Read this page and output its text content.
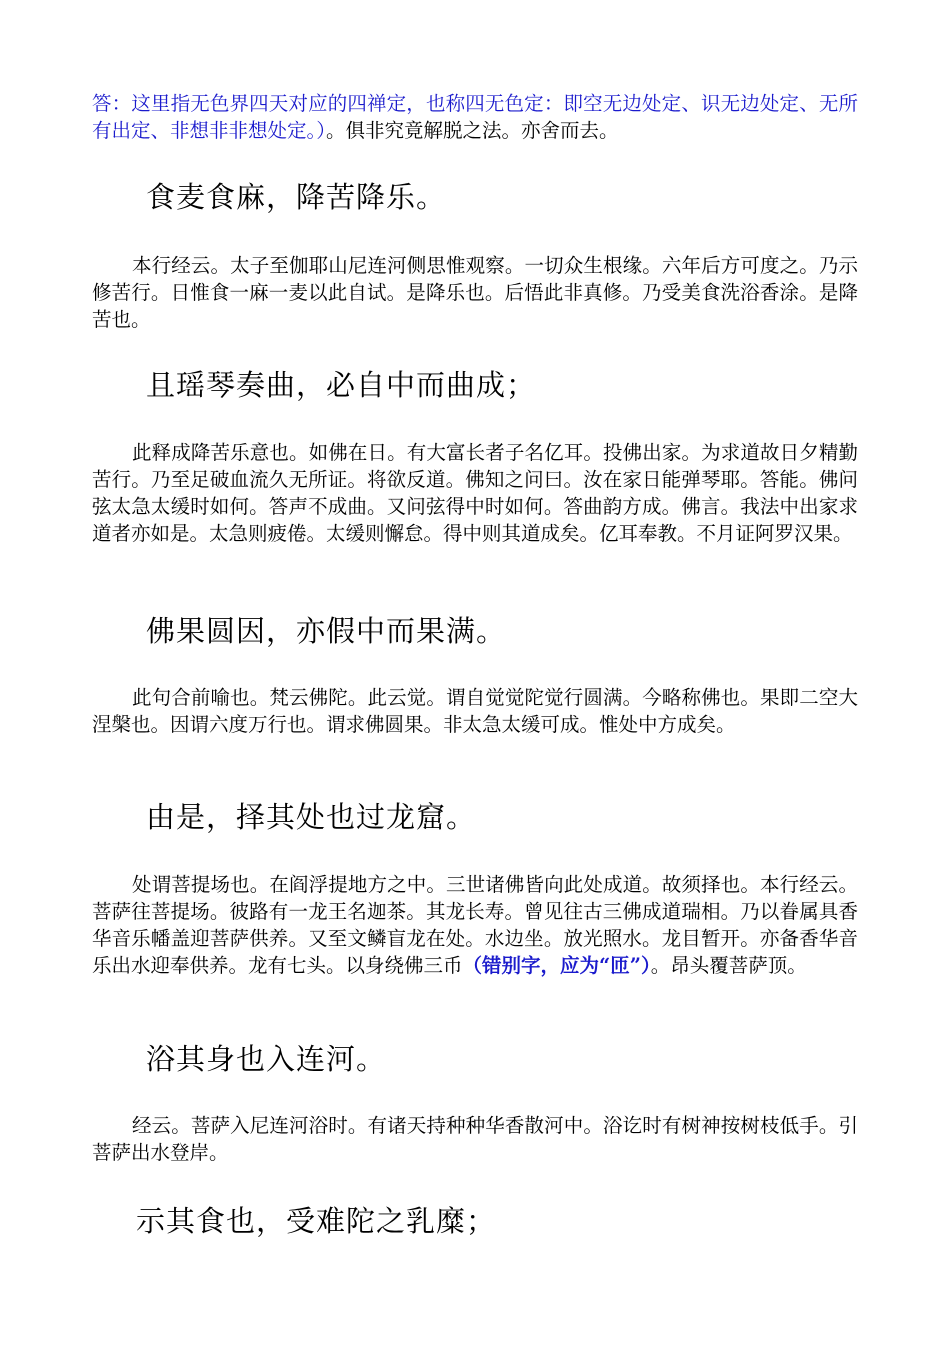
答：这里指无色界四天对应的四禅定，也称四无色定：即空无边处定、识无边处定、无所有出定、非想非非想处定。）。俱非究竟解脱之法。亦舍而去。

食麦食麻，降苦降乐。

本行经云。太子至伽耶山尼连河侧思惟观察。一切众生根缘。六年后方可度之。乃示修苦行。日惟食一麻一麦以此自试。是降乐也。后悟此非真修。乃受美食洗浴香涂。是降苦也。

且瑶琴奏曲，必自中而曲成；

此释成降苦乐意也。如佛在日。有大富长者子名亿耳。投佛出家。为求道故日夕精勤苦行。乃至足破血流久无所证。将欲反道。佛知之问曰。汝在家日能弹琴耶。答能。佛问弦太急太缓时如何。答声不成曲。又问弦得中时如何。答曲韵方成。佛言。我法中出家求道者亦如是。太急则疲倦。太缓则懈怠。得中则其道成矣。亿耳奉教。不月证阿罗汉果。

佛果圆因，亦假中而果满。

此句合前喻也。梵云佛陀。此云觉。谓自觉觉陀觉行圆满。今略称佛也。果即二空大涅槃也。因谓六度万行也。谓求佛圆果。非太急太缓可成。惟处中方成矣。

由是，择其处也过龙窟。

处谓菩提场也。在阎浮提地方之中。三世诸佛皆向此处成道。故须择也。本行经云。菩萨往菩提场。彼路有一龙王名迦茶。其龙长寿。曾见往古三佛成道瑞相。乃以眷属具香华音乐幡盖迎菩萨供养。又至文鳞盲龙在处。水边坐。放光照水。龙目暂开。亦备香华音乐出水迎奉供养。龙有七头。以身绕佛三币（错别字，应为“匝”）。昂头覆菩萨顶。

浴其身也入连河。

经云。菩萨入尼连河浴时。有诸天持种种华香散河中。浴讫时有树神按树枝低手。引菩萨出水登岸。

示其食也，受难陀之乳糜；
